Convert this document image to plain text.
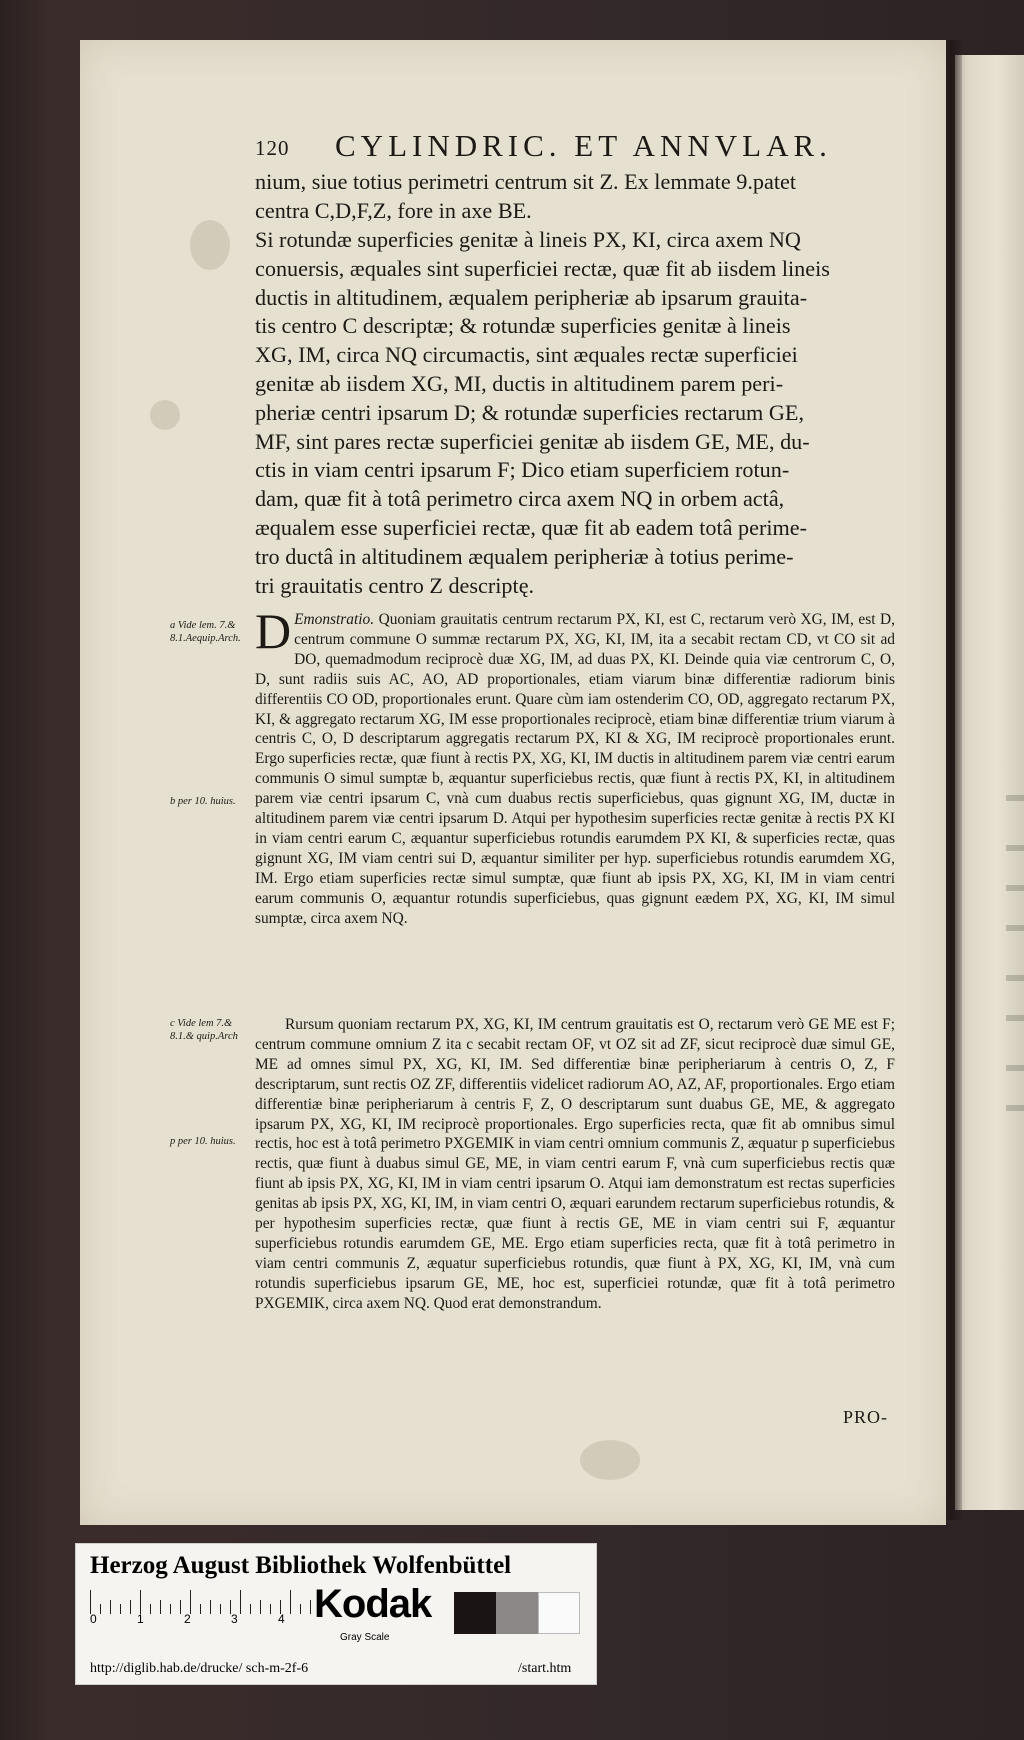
120 CYLINDRIC. ET ANNVLAR.

nium, siue totius perimetri centrum sit Z. Ex lemmate 9.patet
centra C,D,F,Z, fore in axe BE.

Si rotundæ superficies genitæ à lineis PX, KI, circa axem NQ
conuersis, æquales sint superficiei rectæ, quæ fit ab iisdem lineis
ductis in altitudinem, æqualem peripheriæ ab ipsarum grauita-
tis centro C descriptæ; & rotundæ superficies genitæ à lineis
XG, IM, circa NQ circumactis, sint æquales rectæ superficiei
genitæ ab iisdem XG, MI, ductis in altitudinem parem peri-
pheriæ centri ipsarum D; & rotundæ superficies rectarum GE,
MF, sint pares rectæ superficiei genitæ ab iisdem GE, ME, du-
ctis in viam centri ipsarum F; Dico etiam superficiem rotun-
dam, quæ fit à totâ perimetro circa axem NQ in orbem actâ,
æqualem esse superficiei rectæ, quæ fit ab eadem totâ perime-
tro ductâ in altitudinem æqualem peripheriæ à totius perime-
tri grauitatis centro Z descriptę.

a Vide lem. 7.& 8.1.Aequip.Arch.
b per 10. huius.
c Vide lem 7.& 8.1.& quip.Arch
p per 10. huius.

D Emonstratio. Quoniam grauitatis centrum rectarum PX, KI, est C, rectarum verò XG, IM, est D, centrum commune O summæ rectarum PX, XG, KI, IM, ita a secabit rectam CD, vt CO sit ad DO, quemadmodum reciprocè duæ XG, IM, ad duas PX, KI. Deinde quia viæ centrorum C, O, D, sunt radiis suis AC, AO, AD proportionales, etiam viarum binæ differentiæ radiorum binis differentiis CO OD, proportionales erunt. Quare cùm iam ostenderim CO, OD, aggregato rectarum PX, KI, & aggregato rectarum XG, IM esse proportionales reciprocè, etiam binæ differentiæ trium viarum à centris C, O, D descriptarum aggregatis rectarum PX, KI & XG, IM reciprocè proportionales erunt. Ergo superficies rectæ, quæ fiunt à rectis PX, XG, KI, IM ductis in altitudinem parem viæ centri earum communis O simul sumptæ b, æquantur superficiebus rectis, quæ fiunt à rectis PX, KI, in altitudinem parem viæ centri ipsarum C, vnà cum duabus rectis superficiebus, quas gignunt XG, IM, ductæ in altitudinem parem viæ centri ipsarum D. Atqui per hypothesim superficies rectæ genitæ à rectis PX KI in viam centri earum C, æquantur superficiebus rotundis earumdem PX KI, & superficies rectæ, quas gignunt XG, IM viam centri sui D, æquantur similiter per hyp. superficiebus rotundis earumdem XG, IM. Ergo etiam superficies rectæ simul sumptæ, quæ fiunt ab ipsis PX, XG, KI, IM in viam centri earum communis O, æquantur rotundis superficiebus, quas gignunt eædem PX, XG, KI, IM simul sumptæ, circa axem NQ.

Rursum quoniam rectarum PX, XG, KI, IM centrum grauitatis est O, rectarum verò GE ME est F; centrum commune omnium Z ita c secabit rectam OF, vt OZ sit ad ZF, sicut reciprocè duæ simul GE, ME ad omnes simul PX, XG, KI, IM. Sed differentiæ binæ peripheriarum à centris O, Z, F descriptarum, sunt rectis OZ ZF, differentiis videlicet radiorum AO, AZ, AF, proportionales. Ergo etiam differentiæ binæ peripheriarum à centris F, Z, O descriptarum sunt duabus GE, ME, & aggregato ipsarum PX, XG, KI, IM reciprocè proportionales. Ergo superficies recta, quæ fit ab omnibus simul rectis, hoc est à totâ perimetro PXGEMIK in viam centri omnium communis Z, æquatur p superficiebus rectis, quæ fiunt à duabus simul GE, ME, in viam centri earum F, vnà cum superficiebus rectis quæ fiunt ab ipsis PX, XG, KI, IM in viam centri ipsarum O. Atqui iam demonstratum est rectas superficies genitas ab ipsis PX, XG, KI, IM, in viam centri O, æquari earundem rectarum superficiebus rotundis, & per hypothesim superficies rectæ, quæ fiunt à rectis GE, ME in viam centri sui F, æquantur superficiebus rotundis earumdem GE, ME. Ergo etiam superficies recta, quæ fit à totâ perimetro in viam centri communis Z, æquatur superficiebus rotundis, quæ fiunt à PX, XG, KI, IM, vnà cum rotundis superficiebus ipsarum GE, ME, hoc est, superficiei rotundæ, quæ fit à totâ perimetro PXGEMIK, circa axem NQ. Quod erat demonstrandum.

PRO-
Herzog August Bibliothek Wolfenbüttel
0	1	2	3	4 Kodak
Gray Scale
http://diglib.hab.de/drucke/ sch-m-2f-6	/start.htm
